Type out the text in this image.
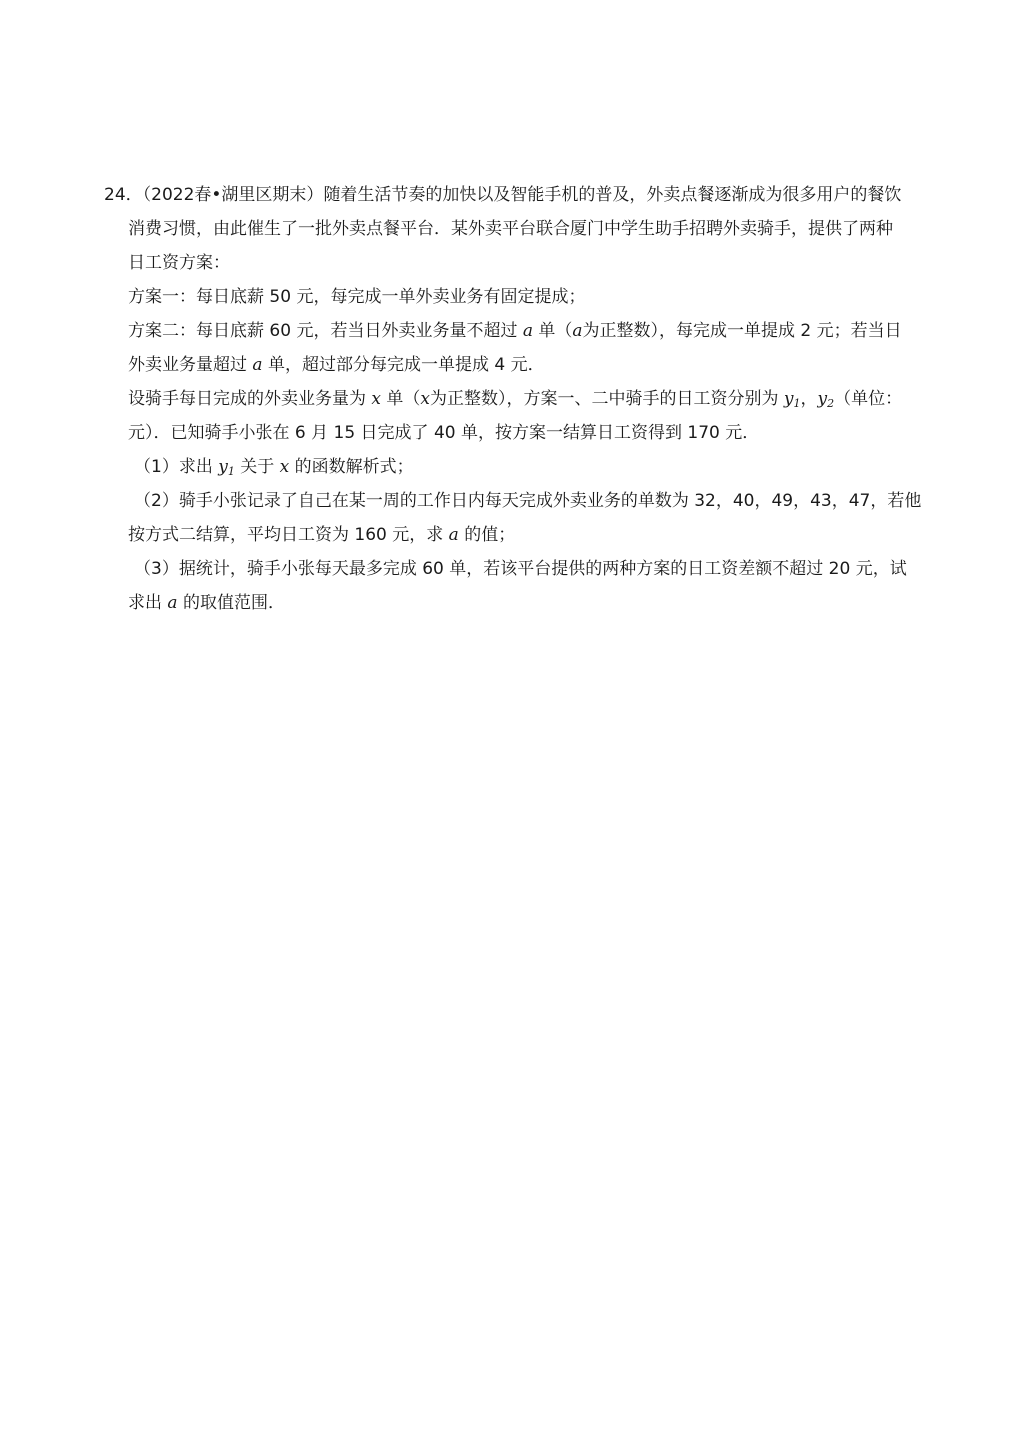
24．（2022春•湖里区期末）随着生活节奏的加快以及智能手机的普及，外卖点餐逐渐成为很多用户的餐饮

消费习惯，由此催生了一批外卖点餐平台．某外卖平台联合厦门中学生助手招聘外卖骑手，提供了两种

日工资方案：

方案一：每日底薪 50 元，每完成一单外卖业务有固定提成；

方案二：每日底薪 60 元，若当日外卖业务量不超过 a 单（a为正整数），每完成一单提成 2 元；若当日

外卖业务量超过 a 单，超过部分每完成一单提成 4 元．

设骑手每日完成的外卖业务量为 x 单（x为正整数），方案一、二中骑手的日工资分别为 $y_1$，$y_2$（单位：

元）．已知骑手小张在 6 月 15 日完成了 40 单，按方案一结算日工资得到 170 元．

（1）求出 $y_1$ 关于 x 的函数解析式；

（2）骑手小张记录了自己在某一周的工作日内每天完成外卖业务的单数为 32，40，49，43，47，若他

按方式二结算，平均日工资为 160 元，求 a 的值；

（3）据统计，骑手小张每天最多完成 60 单，若该平台提供的两种方案的日工资差额不超过 20 元，试

求出 a 的取值范围．
